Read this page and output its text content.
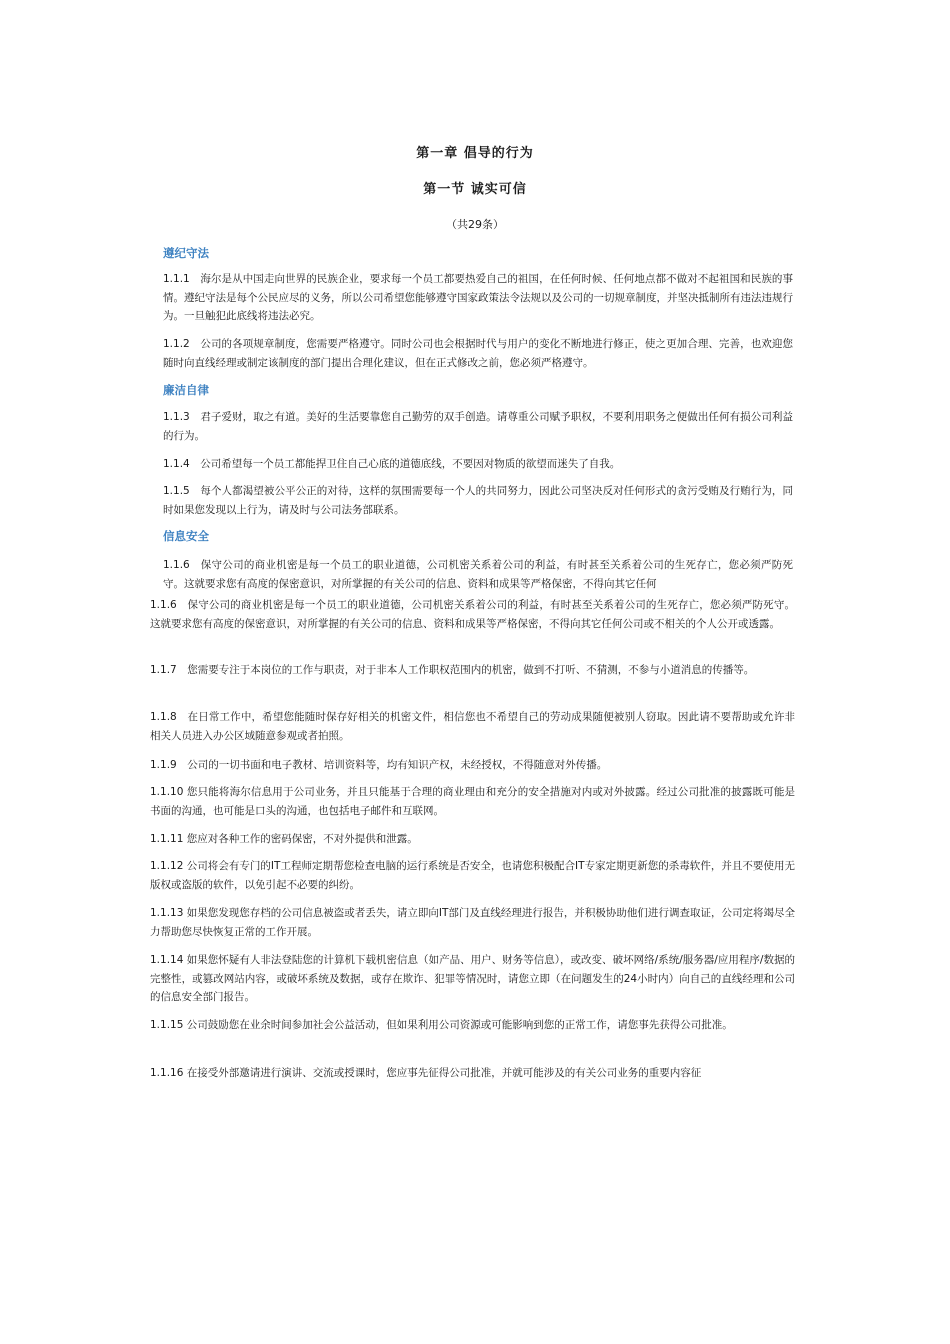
第一章 倡导的行为
第一节 诚实可信
（共29条）
遵纪守法
1.1.1　海尔是从中国走向世界的民族企业，要求每一个员工都要热爱自己的祖国，在任何时候、任何地点都不做对不起祖国和民族的事情。遵纪守法是每个公民应尽的义务，所以公司希望您能够遵守国家政策法令法规以及公司的一切规章制度，并坚决抵制所有违法违规行为。一旦触犯此底线将违法必究。
1.1.2　公司的各项规章制度，您需要严格遵守。同时公司也会根据时代与用户的变化不断地进行修正，使之更加合理、完善，也欢迎您随时向直线经理或制定该制度的部门提出合理化建议，但在正式修改之前，您必须严格遵守。
廉洁自律
1.1.3　君子爱财，取之有道。美好的生活要靠您自己勤劳的双手创造。请尊重公司赋予职权，不要利用职务之便做出任何有损公司利益的行为。
1.1.4　公司希望每一个员工都能捍卫住自己心底的道德底线，不要因对物质的欲望而迷失了自我。
1.1.5　每个人都渴望被公平公正的对待，这样的氛围需要每一个人的共同努力，因此公司坚决反对任何形式的贪污受贿及行贿行为，同时如果您发现以上行为，请及时与公司法务部联系。
信息安全
1.1.6　保守公司的商业机密是每一个员工的职业道德，公司机密关系着公司的利益，有时甚至关系着公司的生死存亡，您必须严防死守。这就要求您有高度的保密意识，对所掌握的有关公司的信息、资料和成果等严格保密，不得向其它任何
1.1.6　保守公司的商业机密是每一个员工的职业道德，公司机密关系着公司的利益，有时甚至关系着公司的生死存亡，您必须严防死守。这就要求您有高度的保密意识，对所掌握的有关公司的信息、资料和成果等严格保密，不得向其它任何公司或不相关的个人公开或透露。
1.1.7　您需要专注于本岗位的工作与职责，对于非本人工作职权范围内的机密，做到不打听、不猜测，不参与小道消息的传播等。
1.1.8　在日常工作中，希望您能随时保存好相关的机密文件，相信您也不希望自己的劳动成果随便被别人窃取。因此请不要帮助或允许非相关人员进入办公区域随意参观或者拍照。
1.1.9　公司的一切书面和电子教材、培训资料等，均有知识产权，未经授权，不得随意对外传播。
1.1.10 您只能将海尔信息用于公司业务，并且只能基于合理的商业理由和充分的安全措施对内或对外披露。经过公司批准的披露既可能是书面的沟通，也可能是口头的沟通，也包括电子邮件和互联网。
1.1.11 您应对各种工作的密码保密，不对外提供和泄露。
1.1.12 公司将会有专门的IT工程师定期帮您检查电脑的运行系统是否安全，也请您积极配合IT专家定期更新您的杀毒软件，并且不要使用无版权或盗版的软件，以免引起不必要的纠纷。
1.1.13 如果您发现您存档的公司信息被盗或者丢失，请立即向IT部门及直线经理进行报告，并积极协助他们进行调查取证，公司定将竭尽全力帮助您尽快恢复正常的工作开展。
1.1.14 如果您怀疑有人非法登陆您的计算机下载机密信息（如产品、用户、财务等信息），或改变、破坏网络/系统/服务器/应用程序/数据的完整性，或篡改网站内容，或破坏系统及数据，或存在欺诈、犯罪等情况时，请您立即（在问题发生的24小时内）向自己的直线经理和公司的信息安全部门报告。
1.1.15 公司鼓励您在业余时间参加社会公益活动，但如果利用公司资源或可能影响到您的正常工作，请您事先获得公司批准。
1.1.16 在接受外部邀请进行演讲、交流或授课时，您应事先征得公司批准，并就可能涉及的有关公司业务的重要内容征
